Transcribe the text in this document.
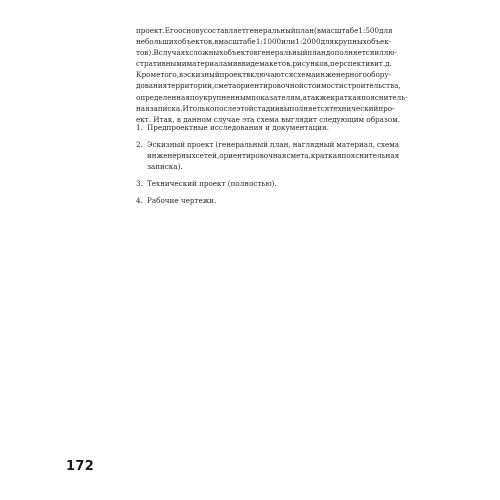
проект. Его основу составляет генеральный план (в масштабе 1:500 для
небольших объектов, в масштабе 1:1000 или 1:2000 для крупных объек-
тов). В случаях сложных объектов генеральный план дополняется иллю-
стративными материалами в виде макетов, рисунков, перспектив и т. д.
Кроме того, в эскизный проект включаются схема инженерного обору-
дования территории, смета ориентировочной стоимости строительства,
определенная по укрупненным показателям, а также краткая пояснитель-
ная записка. И только после этой стадии выполняется технический про-
ект. Итак, в данном случае эта схема выглядит следующим образом.
1. Предпроектные исследования и документация.
2. Эскизный проект (генеральный план, наглядный материал, схема
инженерных сетей, ориентировочная смета, краткая пояснительная
записка).
3. Технический проект (полностью).
4. Рабочие чертежи.
172
